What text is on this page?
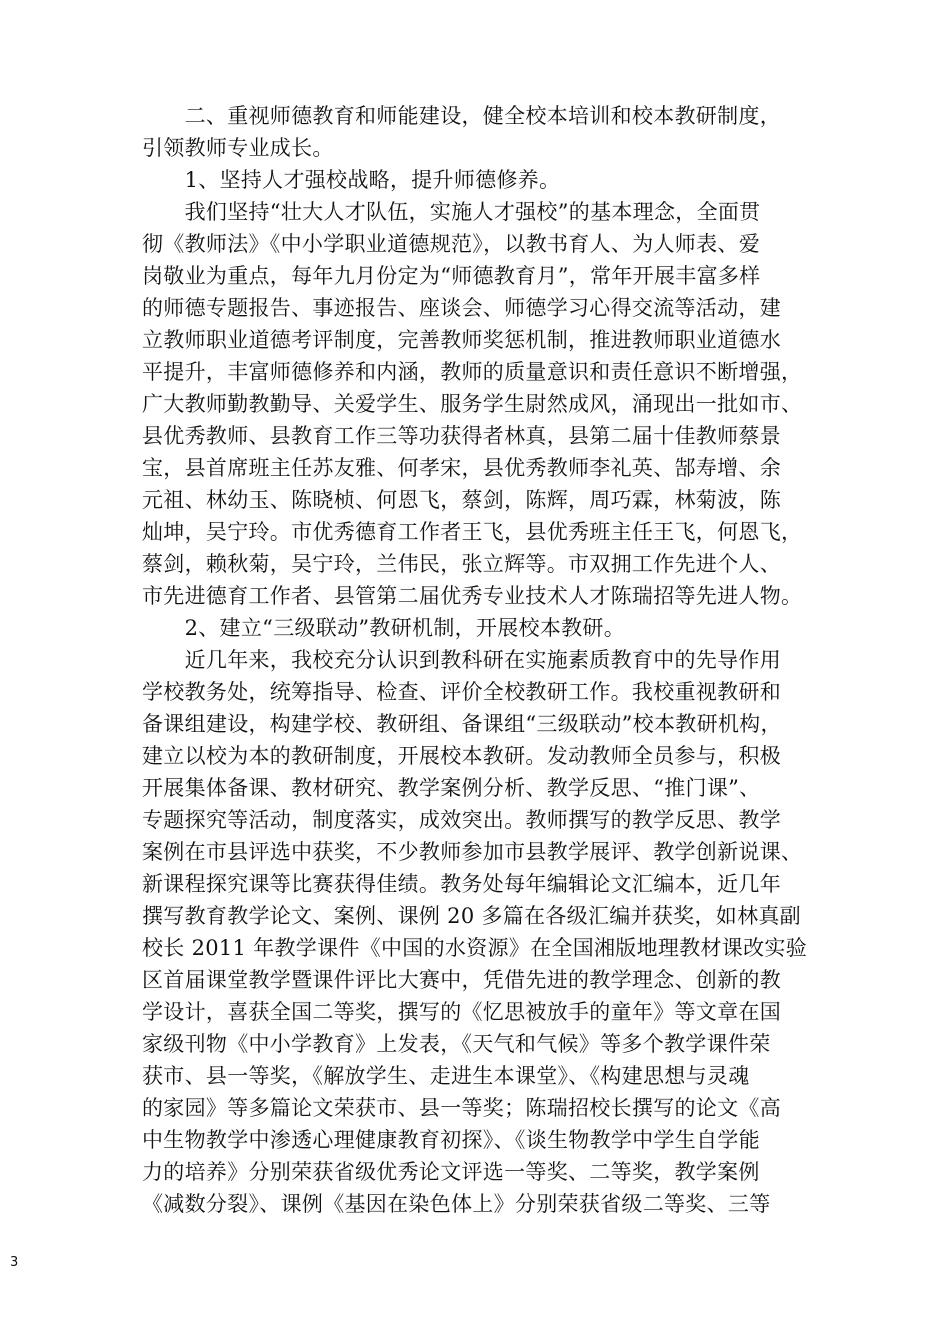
　　二、重视师德教育和师能建设，健全校本培训和校本教研制度，
引领教师专业成长。
　　1、坚持人才强校战略，提升师德修养。
　　我们坚持“壮大人才队伍，实施人才强校”的基本理念，全面贯
彻《教师法》《中小学职业道德规范》，以教书育人、为人师表、爱
岗敬业为重点，每年九月份定为“师德教育月”，常年开展丰富多样
的师德专题报告、事迹报告、座谈会、师德学习心得交流等活动，建
立教师职业道德考评制度，完善教师奖惩机制，推进教师职业道德水
平提升，丰富师德修养和内涵，教师的质量意识和责任意识不断增强，
广大教师勤教勤导、关爱学生、服务学生尉然成风，涌现出一批如市、
县优秀教师、县教育工作三等功获得者林真，县第二届十佳教师蔡景
宝，县首席班主任苏友雅、何孝宋，县优秀教师李礼英、郜寿增、余
元祖、林幼玉、陈晓桢、何恩飞，蔡剑，陈辉，周巧霖，林菊波，陈
灿坤，吴宁玲。市优秀德育工作者王飞，县优秀班主任王飞，何恩飞，
蔡剑，赖秋菊，吴宁玲，兰伟民，张立辉等。市双拥工作先进个人、
市先进德育工作者、县管第二届优秀专业技术人才陈瑞招等先进人物。
　　2、建立“三级联动”教研机制，开展校本教研。
　　近几年来，我校充分认识到教科研在实施素质教育中的先导作用
学校教务处，统筹指导、检查、评价全校教研工作。我校重视教研和
备课组建设，构建学校、教研组、备课组“三级联动”校本教研机构，
建立以校为本的教研制度，开展校本教研。发动教师全员参与，积极
开展集体备课、教材研究、教学案例分析、教学反思、“推门课”、
专题探究等活动，制度落实，成效突出。教师撰写的教学反思、教学
案例在市县评选中获奖，不少教师参加市县教学展评、教学创新说课、
新课程探究课等比赛获得佳绩。教务处每年编辑论文汇编本，近几年
撰写教育教学论文、案例、课例 20 多篇在各级汇编并获奖，如林真副
校长 2011 年教学课件《中国的水资源》在全国湘版地理教材课改实验
区首届课堂教学暨课件评比大赛中，凭借先进的教学理念、创新的教
学设计，喜获全国二等奖，撰写的《忆思被放手的童年》等文章在国
家级刊物《中小学教育》上发表，《天气和气候》等多个教学课件荣
获市、县一等奖，《解放学生、走进生本课堂》、《构建思想与灵魂
的家园》等多篇论文荣获市、县一等奖；陈瑞招校长撰写的论文《高
中生物教学中渗透心理健康教育初探》、《谈生物教学中学生自学能
力的培养》分别荣获省级优秀论文评选一等奖、二等奖，教学案例
《减数分裂》、课例《基因在染色体上》分别荣获省级二等奖、三等
3
